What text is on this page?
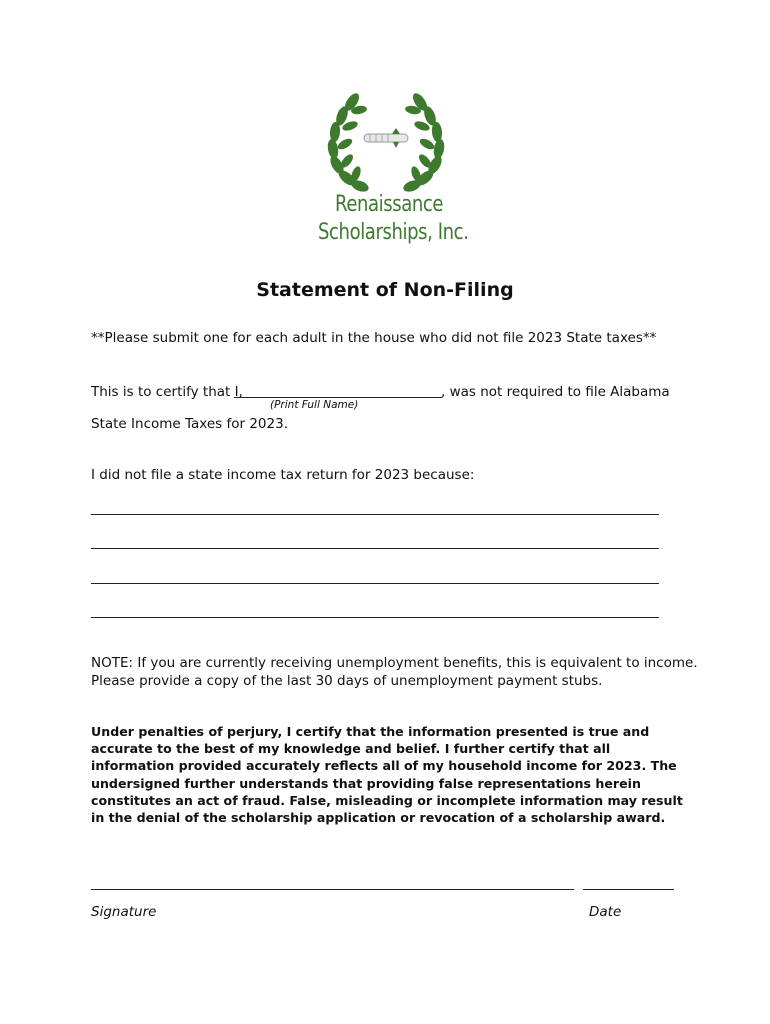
Renaissance
Scholarships, Inc.
Statement of Non-Filing
**Please submit one for each adult in the house who did not file 2023 State taxes**
This is to certify that I,	, was not required to file Alabama
(Print Full Name)
State Income Taxes for 2023.
I did not file a state income tax return for 2023 because:
NOTE: If you are currently receiving unemployment benefits, this is equivalent to income.
Please provide a copy of the last 30 days of unemployment payment stubs.
Under penalties of perjury, I certify that the information presented is true and
accurate to the best of my knowledge and belief. I further certify that all
information provided accurately reflects all of my household income for 2023. The
undersigned further understands that providing false representations herein
constitutes an act of fraud. False, misleading or incomplete information may result
in the denial of the scholarship application or revocation of a scholarship award.
Signature	Date
